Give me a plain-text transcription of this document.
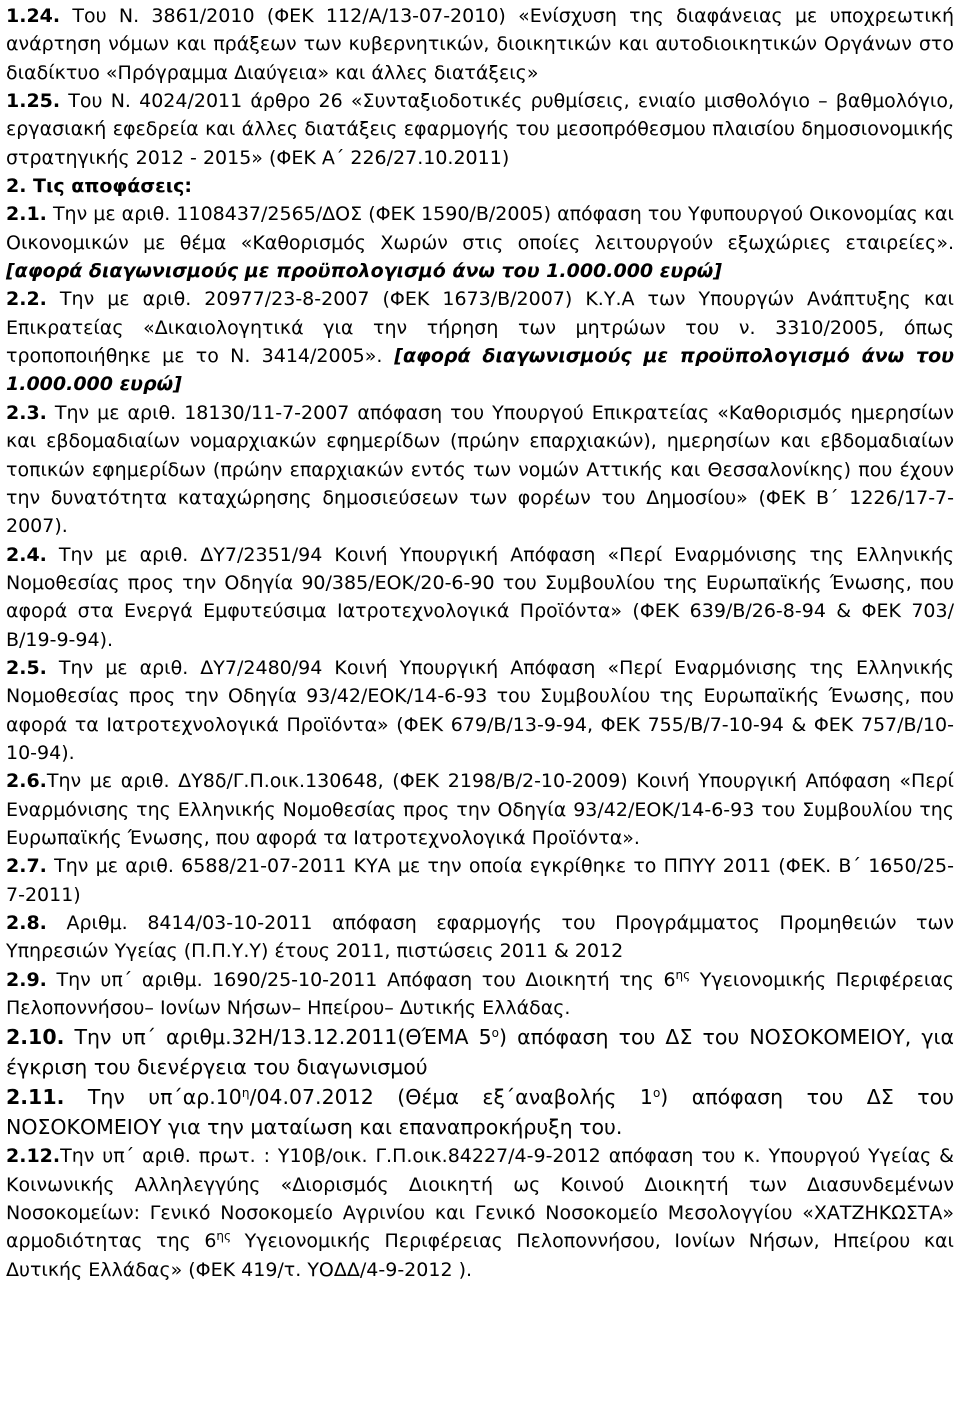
1.24. Του Ν. 3861/2010 (ΦΕΚ 112/Α/13-07-2010) «Ενίσχυση της διαφάνειας με υποχρεωτική ανάρτηση νόμων και πράξεων των κυβερνητικών, διοικητικών και αυτοδιοικητικών Οργάνων στο διαδίκτυο «Πρόγραμμα Διαύγεια» και άλλες διατάξεις»

1.25. Του Ν. 4024/2011 άρθρο 26 «Συνταξιοδοτικές ρυθμίσεις, ενιαίο μισθολόγιο – βαθμολόγιο, εργασιακή εφεδρεία και άλλες διατάξεις εφαρμογής του μεσοπρόθεσμου πλαισίου δημοσιονομικής στρατηγικής 2012 - 2015» (ΦΕΚ Α΄ 226/27.10.2011)

2. Τις αποφάσεις:

2.1. Την με αριθ. 1108437/2565/ΔΟΣ (ΦΕΚ 1590/Β/2005) απόφαση του Υφυπουργού Οικονομίας και Οικονομικών με θέμα «Καθορισμός Χωρών στις οποίες λειτουργούν εξωχώριες εταιρείες». [αφορά διαγωνισμούς με προϋπολογισμό άνω του 1.000.000 ευρώ]

2.2. Την με αριθ. 20977/23-8-2007 (ΦΕΚ 1673/Β/2007) Κ.Υ.Α των Υπουργών Ανάπτυξης και Επικρατείας «Δικαιολογητικά για την τήρηση των μητρώων του ν. 3310/2005, όπως τροποποιήθηκε με το Ν. 3414/2005». [αφορά διαγωνισμούς με προϋπολογισμό άνω του 1.000.000 ευρώ]

2.3. Την με αριθ. 18130/11-7-2007 απόφαση του Υπουργού Επικρατείας «Καθορισμός ημερησίων και εβδομαδιαίων νομαρχιακών εφημερίδων (πρώην επαρχιακών), ημερησίων και εβδομαδιαίων τοπικών εφημερίδων (πρώην επαρχιακών εντός των νομών Αττικής και Θεσσαλονίκης) που έχουν την δυνατότητα καταχώρησης δημοσιεύσεων των φορέων του Δημοσίου» (ΦΕΚ Β΄ 1226/17-7-2007).

2.4. Την με αριθ. ΔΥ7/2351/94 Κοινή Υπουργική Απόφαση «Περί Εναρμόνισης της Ελληνικής Νομοθεσίας προς την Οδηγία 90/385/ΕΟΚ/20-6-90 του Συμβουλίου της Ευρωπαϊκής Ένωσης, που αφορά στα Ενεργά Εμφυτεύσιμα Ιατροτεχνολογικά Προϊόντα» (ΦΕΚ 639/Β/26-8-94 & ΦΕΚ 703/Β/19-9-94).

2.5. Την με αριθ. ΔΥ7/2480/94 Κοινή Υπουργική Απόφαση «Περί Εναρμόνισης της Ελληνικής Νομοθεσίας προς την Οδηγία 93/42/ΕΟΚ/14-6-93 του Συμβουλίου της Ευρωπαϊκής Ένωσης, που αφορά τα Ιατροτεχνολογικά Προϊόντα» (ΦΕΚ 679/Β/13-9-94, ΦΕΚ 755/Β/7-10-94 & ΦΕΚ 757/Β/10-10-94).

2.6.Την με αριθ. ΔΥ8δ/Γ.Π.οικ.130648, (ΦΕΚ 2198/Β/2-10-2009) Κοινή Υπουργική Απόφαση «Περί Εναρμόνισης της Ελληνικής Νομοθεσίας προς την Οδηγία 93/42/ΕΟΚ/14-6-93 του Συμβουλίου της Ευρωπαϊκής Ένωσης, που αφορά τα Ιατροτεχνολογικά Προϊόντα».

2.7. Την με αριθ. 6588/21-07-2011 ΚΥΑ με την οποία εγκρίθηκε το ΠΠΥΥ 2011 (ΦΕΚ. Β΄ 1650/25-7-2011)

2.8. Αριθμ. 8414/03-10-2011 απόφαση εφαρμογής του Προγράμματος Προμηθειών των Υπηρεσιών Υγείας (Π.Π.Υ.Υ) έτους 2011, πιστώσεις 2011 & 2012

2.9. Την υπ΄ αριθμ. 1690/25-10-2011 Απόφαση του Διοικητή της $6^{\eta\varsigma}$ Υγειονομικής Περιφέρειας Πελοποννήσου– Ιονίων Νήσων– Ηπείρου– Δυτικής Ελλάδας.

2.10. Την υπ΄ αριθμ.32Η/13.12.2011(ΘΈΜΑ $5^o$) απόφαση του ΔΣ του ΝΟΣΟΚΟΜΕΙΟΥ, για έγκριση του διενέργεια του διαγωνισμού

2.11. Την $\upsilon\pi΄\alpha\rho.10^\eta/04.07.2012$ (Θέμα εξ΄αναβολής $1^o$) απόφαση του ΔΣ του ΝΟΣΟΚΟΜΕΙΟΥ για την ματαίωση και επαναπροκήρυξη του.

2.12.Την υπ΄ αριθ. πρωτ. : Υ10β/οικ. Γ.Π.οικ.84227/4-9-2012 απόφαση του κ. Υπουργού Υγείας & Κοινωνικής Αλληλεγγύης «Διορισμός Διοικητή ως Κοινού Διοικητή των Διασυνδεμένων Νοσοκομείων: Γενικό Νοσοκομείο Αγρινίου και Γενικό Νοσοκομείο Μεσολογγίου «ΧΑΤΖΗΚΩΣΤΑ» αρμοδιότητας της $6^{\eta\varsigma}$ Υγειονομικής Περιφέρειας Πελοποννήσου, Ιονίων Νήσων, Ηπείρου και Δυτικής Ελλάδας» (ΦΕΚ 419/τ. ΥΟΔΔ/4-9-2012 ).
